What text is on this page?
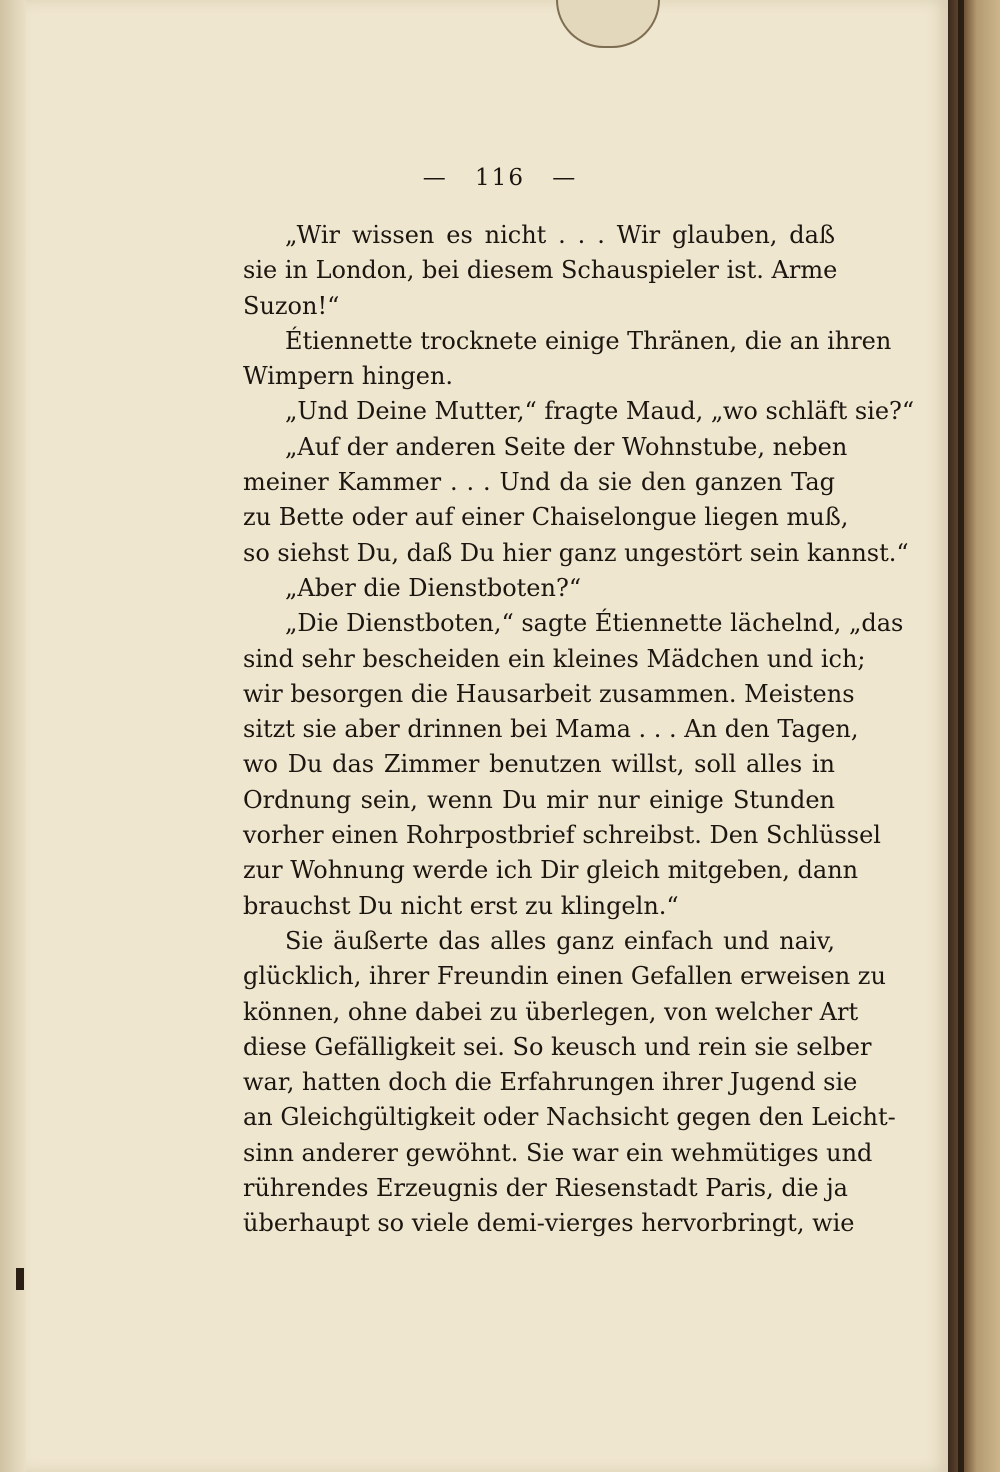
— 116 —
„Wir wissen es nicht . . . Wir glauben, daß
sie in London, bei diesem Schauspieler ist. Arme
Suzon!“
Étiennette trocknete einige Thränen, die an ihren
Wimpern hingen.
„Und Deine Mutter,“ fragte Maud, „wo schläft sie?“
„Auf der anderen Seite der Wohnstube, neben
meiner Kammer . . . Und da sie den ganzen Tag
zu Bette oder auf einer Chaiselongue liegen muß,
so siehst Du, daß Du hier ganz ungestört sein kannst.“
„Aber die Dienstboten?“
„Die Dienstboten,“ sagte Étiennette lächelnd, „das
sind sehr bescheiden ein kleines Mädchen und ich;
wir besorgen die Hausarbeit zusammen. Meistens
sitzt sie aber drinnen bei Mama . . . An den Tagen,
wo Du das Zimmer benutzen willst, soll alles in
Ordnung sein, wenn Du mir nur einige Stunden
vorher einen Rohrpostbrief schreibst. Den Schlüssel
zur Wohnung werde ich Dir gleich mitgeben, dann
brauchst Du nicht erst zu klingeln.“
Sie äußerte das alles ganz einfach und naiv,
glücklich, ihrer Freundin einen Gefallen erweisen zu
können, ohne dabei zu überlegen, von welcher Art
diese Gefälligkeit sei. So keusch und rein sie selber
war, hatten doch die Erfahrungen ihrer Jugend sie
an Gleichgültigkeit oder Nachsicht gegen den Leicht-
sinn anderer gewöhnt. Sie war ein wehmütiges und
rührendes Erzeugnis der Riesenstadt Paris, die ja
überhaupt so viele demi-vierges hervorbringt, wie
